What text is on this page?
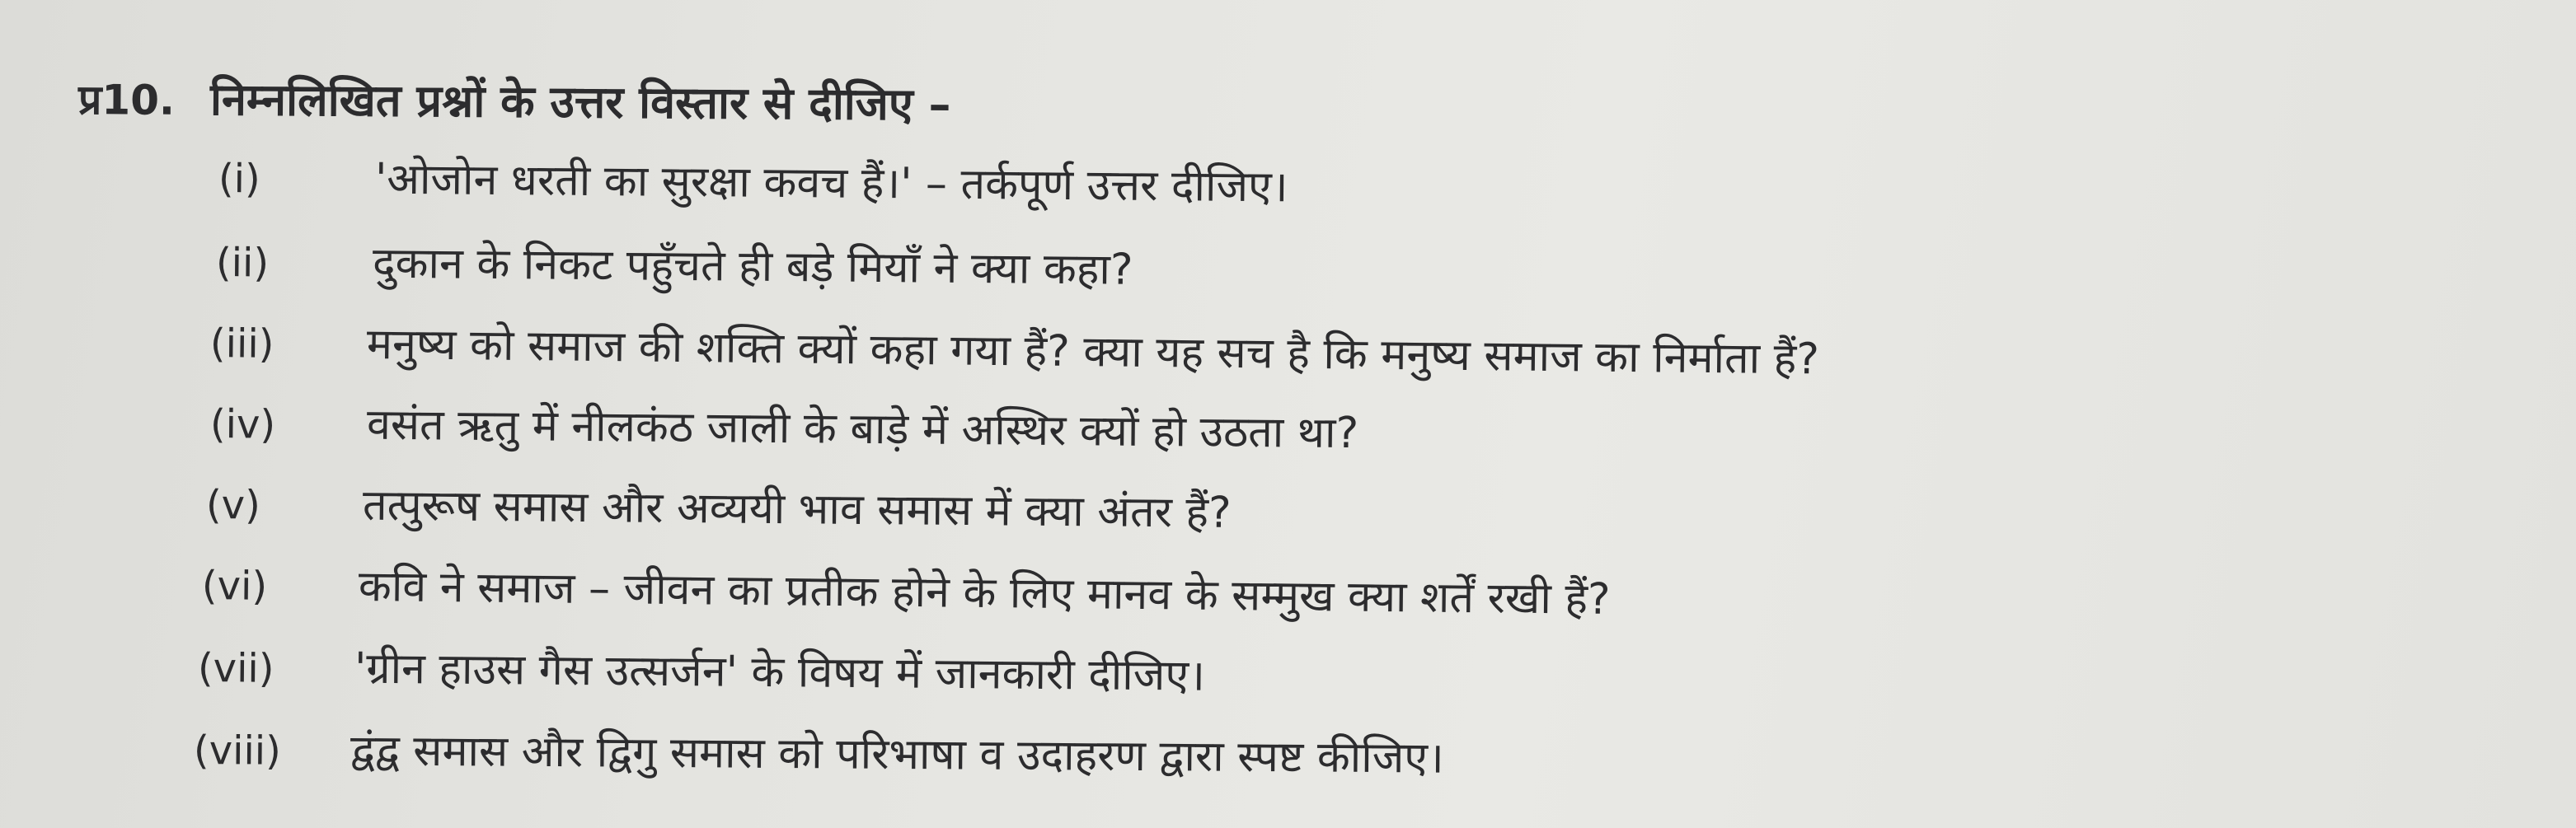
प्र10. निम्नलिखित प्रश्नों के उत्तर विस्तार से दीजिए –
(i)	'ओजोन धरती का सुरक्षा कवच हैं।' – तर्कपूर्ण उत्तर दीजिए।
(ii)	दुकान के निकट पहुँचते ही बड़े मियाँ ने क्या कहा?
(iii)	मनुष्य को समाज की शक्ति क्यों कहा गया हैं? क्या यह सच है कि मनुष्य समाज का निर्माता हैं?
(iv)	वसंत ऋतु में नीलकंठ जाली के बाड़े में अस्थिर क्यों हो उठता था?
(v)	तत्पुरूष समास और अव्ययी भाव समास में क्या अंतर हैं?
(vi)	कवि ने समाज – जीवन का प्रतीक होने के लिए मानव के सम्मुख क्या शर्तें रखी हैं?
(vii)	'ग्रीन हाउस गैस उत्सर्जन' के विषय में जानकारी दीजिए।
(viii)	द्वंद्व समास और द्विगु समास को परिभाषा व उदाहरण द्वारा स्पष्ट कीजिए।
